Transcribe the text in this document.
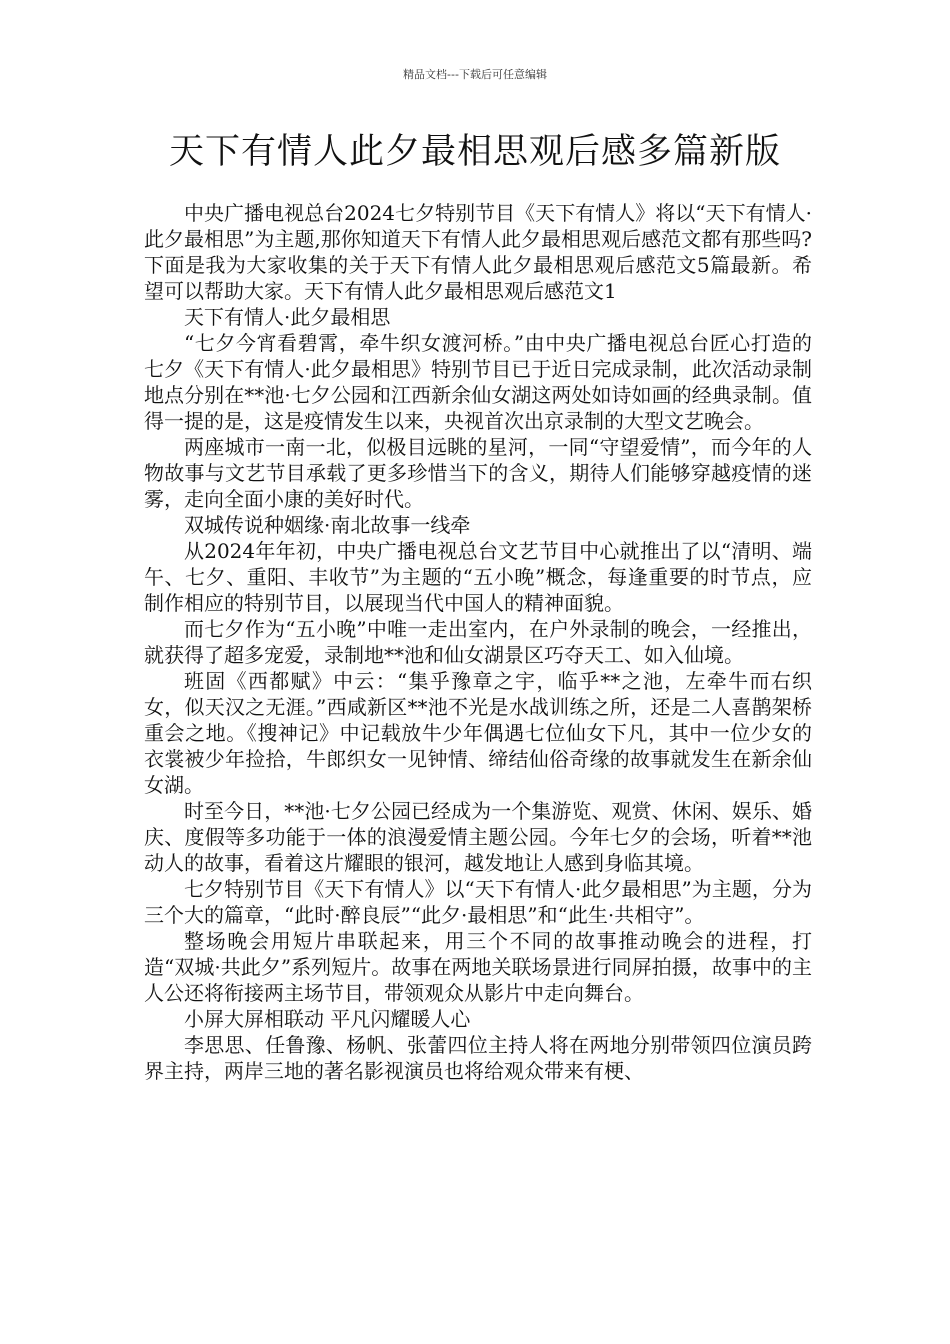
精品文档---下载后可任意编辑
天下有情人此夕最相思观后感多篇新版

中央广播电视总台2024七夕特别节目《天下有情人》将以“天下有情人·此夕最相思”为主题,那你知道天下有情人此夕最相思观后感范文都有那些吗?下面是我为大家收集的关于天下有情人此夕最相思观后感范文5篇最新。希望可以帮助大家。天下有情人此夕最相思观后感范文1

天下有情人·此夕最相思

“七夕今宵看碧霄，牵牛织女渡河桥。”由中央广播电视总台匠心打造的七夕《天下有情人·此夕最相思》特别节目已于近日完成录制，此次活动录制地点分别在**池·七夕公园和江西新余仙女湖这两处如诗如画的经典录制。值得一提的是，这是疫情发生以来，央视首次出京录制的大型文艺晚会。

两座城市一南一北，似极目远眺的星河，一同“守望爱情”，而今年的人物故事与文艺节目承载了更多珍惜当下的含义，期待人们能够穿越疫情的迷雾，走向全面小康的美好时代。

双城传说种姻缘·南北故事一线牵

从2024年年初，中央广播电视总台文艺节目中心就推出了以“清明、端午、七夕、重阳、丰收节”为主题的“五小晚”概念，每逢重要的时节点，应制作相应的特别节目，以展现当代中国人的精神面貌。

而七夕作为“五小晚”中唯一走出室内，在户外录制的晚会，一经推出，就获得了超多宠爱，录制地**池和仙女湖景区巧夺天工、如入仙境。

班固《西都赋》中云：“集乎豫章之宇，临乎**之池，左牵牛而右织女，似天汉之无涯。”西咸新区**池不光是水战训练之所，还是二人喜鹊架桥重会之地。《搜神记》中记载放牛少年偶遇七位仙女下凡，其中一位少女的衣裳被少年捡拾，牛郎织女一见钟情、缔结仙俗奇缘的故事就发生在新余仙女湖。

时至今日，**池·七夕公园已经成为一个集游览、观赏、休闲、娱乐、婚庆、度假等多功能于一体的浪漫爱情主题公园。今年七夕的会场，听着**池动人的故事，看着这片耀眼的银河，越发地让人感到身临其境。

七夕特别节目《天下有情人》以“天下有情人·此夕最相思”为主题，分为三个大的篇章，“此时·醉良辰”“此夕·最相思”和“此生·共相守”。

整场晚会用短片串联起来，用三个不同的故事推动晚会的进程，打造“双城·共此夕”系列短片。故事在两地关联场景进行同屏拍摄，故事中的主人公还将衔接两主场节目，带领观众从影片中走向舞台。

小屏大屏相联动 平凡闪耀暖人心

李思思、任鲁豫、杨帆、张蕾四位主持人将在两地分别带领四位演员跨界主持，两岸三地的著名影视演员也将给观众带来有梗、
